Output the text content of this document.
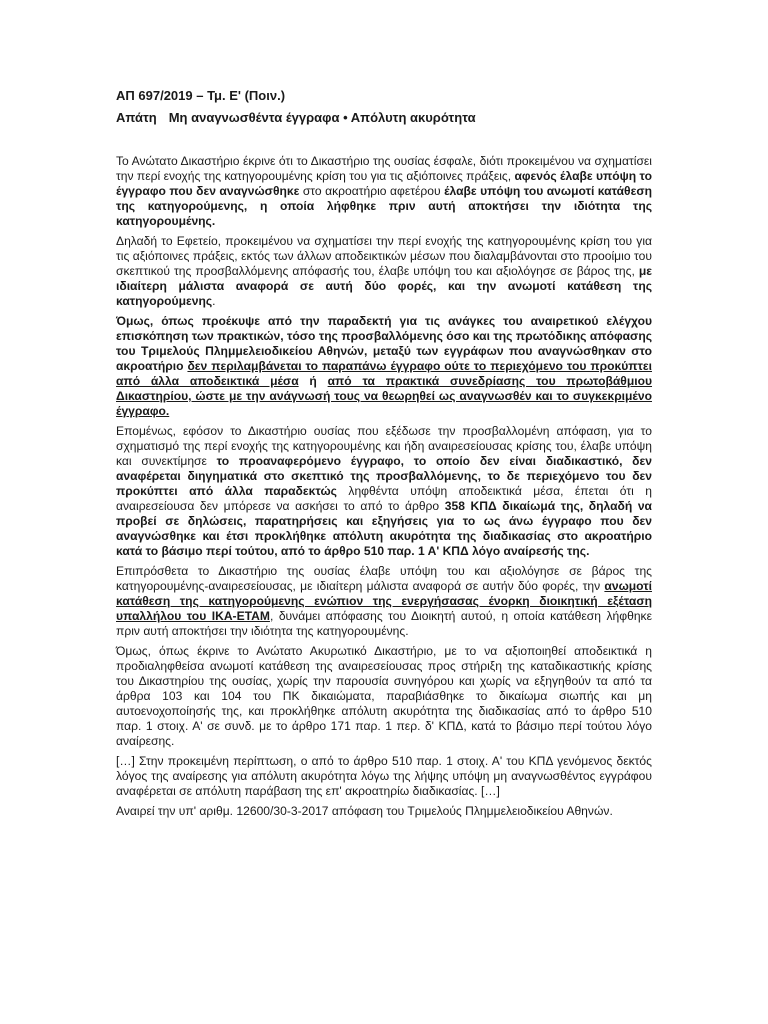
ΑΠ 697/2019 – Τμ. Ε' (Ποιν.)

Απάτη Μη αναγνωσθέντα έγγραφα • Απόλυτη ακυρότητα

Το Ανώτατο Δικαστήριο έκρινε ότι το Δικαστήριο της ουσίας έσφαλε, διότι προκειμένου να σχηματίσει την περί ενοχής της κατηγορουμένης κρίση του για τις αξιόποινες πράξεις, αφενός έλαβε υπόψη το έγγραφο που δεν αναγνώσθηκε στο ακροατήριο αφετέρου έλαβε υπόψη του ανωμοτί κατάθεση της κατηγορούμενης, η οποία λήφθηκε πριν αυτή αποκτήσει την ιδιότητα της κατηγορουμένης.

Δηλαδή το Εφετείο, προκειμένου να σχηματίσει την περί ενοχής της κατηγορουμένης κρίση του για τις αξιόποινες πράξεις, εκτός των άλλων αποδεικτικών μέσων που διαλαμβάνονται στο προοίμιο του σκεπτικού της προσβαλλόμενης απόφασής του, έλαβε υπόψη του και αξιολόγησε σε βάρος της, με ιδιαίτερη μάλιστα αναφορά σε αυτή δύο φορές, και την ανωμοτί κατάθεση της κατηγορούμενης.

Όμως, όπως προέκυψε από την παραδεκτή για τις ανάγκες του αναιρετικού ελέγχου επισκόπηση των πρακτικών, τόσο της προσβαλλόμενης όσο και της πρωτόδικης απόφασης του Τριμελούς Πλημμελειοδικείου Αθηνών, μεταξύ των εγγράφων που αναγνώσθηκαν στο ακροατήριο δεν περιλαμβάνεται το παραπάνω έγγραφο ούτε το περιεχόμενο του προκύπτει από άλλα αποδεικτικά μέσα ή από τα πρακτικά συνεδρίασης του πρωτοβάθμιου Δικαστηρίου, ώστε με την ανάγνωσή τους να θεωρηθεί ως αναγνωσθέν και το συγκεκριμένο έγγραφο.

Επομένως, εφόσον το Δικαστήριο ουσίας που εξέδωσε την προσβαλλομένη απόφαση, για το σχηματισμό της περί ενοχής της κατηγορουμένης και ήδη αναιρεσείουσας κρίσης του, έλαβε υπόψη και συνεκτίμησε το προαναφερόμενο έγγραφο, το οποίο δεν είναι διαδικαστικό, δεν αναφέρεται διηγηματικά στο σκεπτικό της προσβαλλόμενης, το δε περιεχόμενο του δεν προκύπτει από άλλα παραδεκτώς ληφθέντα υπόψη αποδεικτικά μέσα, έπεται ότι η αναιρεσείουσα δεν μπόρεσε να ασκήσει το από το άρθρο 358 ΚΠΔ δικαίωμά της, δηλαδή να προβεί σε δηλώσεις, παρατηρήσεις και εξηγήσεις για το ως άνω έγγραφο που δεν αναγνώσθηκε και έτσι προκλήθηκε απόλυτη ακυρότητα της διαδικασίας στο ακροατήριο κατά το βάσιμο περί τούτου, από το άρθρο 510 παρ. 1 Α' ΚΠΔ λόγο αναίρεσής της.

Επιπρόσθετα το Δικαστήριο της ουσίας έλαβε υπόψη του και αξιολόγησε σε βάρος της κατηγορουμένης-αναιρεσείουσας, με ιδιαίτερη μάλιστα αναφορά σε αυτήν δύο φορές, την ανωμοτί κατάθεση της κατηγορούμενης ενώπιον της ενεργήσασας ένορκη διοικητική εξέταση υπαλλήλου του ΙΚΑ-ΕΤΑΜ, δυνάμει απόφασης του Διοικητή αυτού, η οποία κατάθεση λήφθηκε πριν αυτή αποκτήσει την ιδιότητα της κατηγορουμένης.

Όμως, όπως έκρινε το Ανώτατο Ακυρωτικό Δικαστήριο, με το να αξιοποιηθεί αποδεικτικά η προδιαληφθείσα ανωμοτί κατάθεση της αναιρεσείουσας προς στήριξη της καταδικαστικής κρίσης του Δικαστηρίου της ουσίας, χωρίς την παρουσία συνηγόρου και χωρίς να εξηγηθούν τα από τα άρθρα 103 και 104 του ΠΚ δικαιώματα, παραβιάσθηκε το δικαίωμα σιωπής και μη αυτοενοχοποίησής της, και προκλήθηκε απόλυτη ακυρότητα της διαδικασίας από το άρθρο 510 παρ. 1 στοιχ. Α' σε συνδ. με το άρθρο 171 παρ. 1 περ. δ' ΚΠΔ, κατά το βάσιμο περί τούτου λόγο αναίρεσης.

[…] Στην προκειμένη περίπτωση, ο από το άρθρο 510 παρ. 1 στοιχ. Α' του ΚΠΔ γενόμενος δεκτός λόγος της αναίρεσης για απόλυτη ακυρότητα λόγω της λήψης υπόψη μη αναγνωσθέντος εγγράφου αναφέρεται σε απόλυτη παράβαση της επ' ακροατηρίω διαδικασίας. […]

Αναιρεί την υπ' αριθμ. 12600/30-3-2017 απόφαση του Τριμελούς Πλημμελειοδικείου Αθηνών.
